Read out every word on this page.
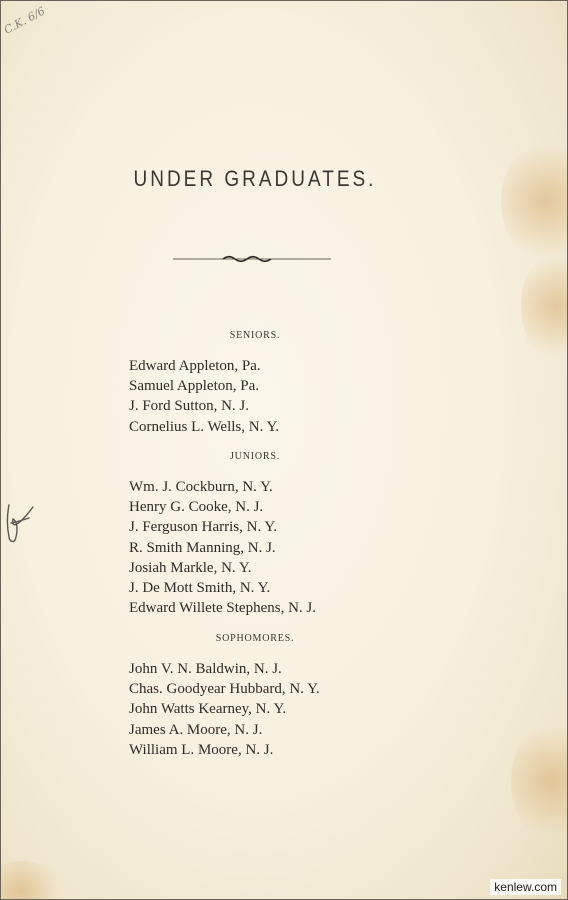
C.K. 6/6
UNDER GRADUATES.
SENIORS.
Edward Appleton, Pa.
Samuel Appleton, Pa.
J. Ford Sutton, N. J.
Cornelius L. Wells, N. Y.
JUNIORS.
Wm. J. Cockburn, N. Y.
Henry G. Cooke, N. J.
J. Ferguson Harris, N. Y.
R. Smith Manning, N. J.
Josiah Markle, N. Y.
J. De Mott Smith, N. Y.
Edward Willete Stephens, N. J.
SOPHOMORES.
John V. N. Baldwin, N. J.
Chas. Goodyear Hubbard, N. Y.
John Watts Kearney, N. Y.
James A. Moore, N. J.
William L. Moore, N. J.
kenlew.com
